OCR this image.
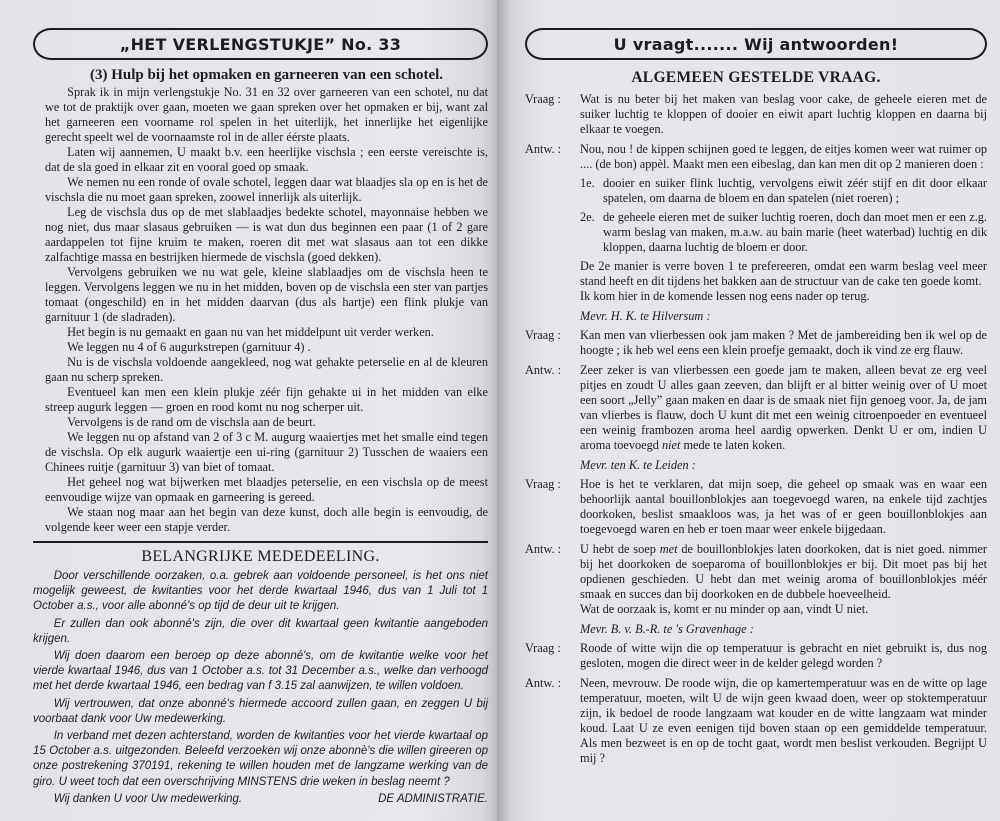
„HET VERLENGSTUKJE” No. 33
(3) Hulp bij het opmaken en garneeren van een schotel.

Sprak ik in mijn verlengstukje No. 31 en 32 over garneeren van een schotel, nu dat we tot de praktijk over gaan, moeten we gaan spreken over het opmaken er bij, want zal het garneeren een voorname rol spelen in het uiterlijk, het innerlijke het eigenlijke gerecht speelt wel de voornaamste rol in de aller éérste plaats.

Laten wij aannemen, U maakt b.v. een heerlijke vischsla ; een eerste vereischte is, dat de sla goed in elkaar zit en vooral goed op smaak.

We nemen nu een ronde of ovale schotel, leggen daar wat blaadjes sla op en is het de vischsla die nu moet gaan spreken, zoowel innerlijk als uiterlijk.

Leg de vischsla dus op de met slablaadjes bedekte schotel, mayonnaise hebben we nog niet, dus maar slasaus gebruiken — is wat dun dus beginnen een paar (1 of 2 gare aardappelen tot fijne kruim te maken, roeren dit met wat slasaus aan tot een dikke zalfachtige massa en bestrijken hiermede de vischsla (goed dekken).

Vervolgens gebruiken we nu wat gele, kleine slablaadjes om de vischsla heen te leggen. Vervolgens leggen we nu in het midden, boven op de vischsla een ster van partjes tomaat (ongeschild) en in het midden daarvan (dus als hartje) een flink plukje van garnituur 1 (de sladraden).

Het begin is nu gemaakt en gaan nu van het middelpunt uit verder werken.

We leggen nu 4 of 6 augurkstrepen (garnituur 4) .

Nu is de vischsla voldoende aangekleed, nog wat gehakte peterselie en al de kleuren gaan nu scherp spreken.

Eventueel kan men een klein plukje zéér fijn gehakte ui in het midden van elke streep augurk leggen — groen en rood komt nu nog scherper uit.

Vervolgens is de rand om de vischsla aan de beurt.

We leggen nu op afstand van 2 of 3 c M. augurg waaiertjes met het smalle eind tegen de vischsla. Op elk augurk waaiertje een ui-ring (garnituur 2) Tusschen de waaiers een Chinees ruitje (garnituur 3) van biet of tomaat.

Het geheel nog wat bijwerken met blaadjes peterselie, en een vischsla op de meest eenvoudige wijze van opmaak en garneering is gereed.

We staan nog maar aan het begin van deze kunst, doch alle begin is eenvoudig, de volgende keer weer een stapje verder.

BELANGRIJKE MEDEDEELING.

Door verschillende oorzaken, o.a. gebrek aan voldoende personeel, is het ons niet mogelijk geweest, de kwitanties voor het derde kwartaal 1946, dus van 1 Juli tot 1 October a.s., voor alle abonné's op tijd de deur uit te krijgen.

Er zullen dan ook abonné's zijn, die over dit kwartaal geen kwitantie aangeboden krijgen.

Wij doen daarom een beroep op deze abonné's, om de kwitantie welke voor het vierde kwartaal 1946, dus van 1 October a.s. tot 31 December a.s., welke dan verhoogd met het derde kwartaal 1946, een bedrag van f 3.15 zal aanwijzen, te willen voldoen.

Wij vertrouwen, dat onze abonné's hiermede accoord zullen gaan, en zeggen U bij voorbaat dank voor Uw medewerking.

In verband met dezen achterstand, worden de kwitanties voor het vierde kwartaal op 15 October a.s. uitgezonden. Beleefd verzoeken wij onze abonnè's die willen gireeren op onze postrekening 370191, rekening te willen houden met de langzame werking van de giro. U weet toch dat een overschrijving MINSTENS drie weken in beslag neemt ?

Wij danken U voor Uw medewerking.	DE ADMINISTRATIE.
U vraagt....... Wij antwoorden!
ALGEMEEN GESTELDE VRAAG.
Vraag :	Wat is nu beter bij het maken van beslag voor cake, de geheele eieren met de suiker luchtig te kloppen of dooier en eiwit apart luchtig kloppen en daarna bij elkaar te voegen.
Antw. :	Nou, nou ! de kippen schijnen goed te leggen, de eitjes komen weer wat ruimer op .... (de bon) appèl. Maakt men een eibeslag, dan kan men dit op 2 manieren doen :

1e. dooier en suiker flink luchtig, vervolgens eiwit zéér stijf en dit door elkaar spatelen, om daarna de bloem en dan spatelen (niet roeren) ;
2e. de geheele eieren met de suiker luchtig roeren, doch dan moet men er een z.g. warm beslag van maken, m.a.w. au bain marie (heet waterbad) luchtig en dik kloppen, daarna luchtig de bloem er door.

De 2e manier is verre boven 1 te prefereeren, omdat een warm beslag veel meer stand heeft en dit tijdens het bakken aan de structuur van de cake ten goede komt.

Ik kom hier in de komende lessen nog eens nader op terug.

Mevr. H. K. te Hilversum :
Vraag :	Kan men van vlierbessen ook jam maken ? Met de jambereiding ben ik wel op de hoogte ; ik heb wel eens een klein proefje gemaakt, doch ik vind ze erg flauw.
Antw. :	Zeer zeker is van vlierbessen een goede jam te maken, alleen bevat ze erg veel pitjes en zoudt U alles gaan zeeven, dan blijft er al bitter weinig over of U moet een soort „Jelly” gaan maken en daar is de smaak niet fijn genoeg voor. Ja, de jam van vlierbes is flauw, doch U kunt dit met een weinig citroenpoeder en eventueel een weinig frambozen aroma heel aardig opwerken. Denkt U er om, indien U aroma toevoegd niet mede te laten koken.
Mevr. ten K. te Leiden :
Vraag :	Hoe is het te verklaren, dat mijn soep, die geheel op smaak was en waar een behoorlijk aantal bouillonblokjes aan toegevoegd waren, na enkele tijd zachtjes doorkoken, beslist smaakloos was, ja het was of er geen bouillonblokjes aan toegevoegd waren en heb er toen maar weer enkele bijgedaan.
Antw. :	U hebt de soep met de bouillonblokjes laten doorkoken, dat is niet goed. nimmer bij het doorkoken de soeparoma of bouillonblokjes er bij. Dit moet pas bij het opdienen geschieden. U hebt dan met weinig aroma of bouillonblokjes méér smaak en succes dan bij doorkoken en de dubbele hoeveelheid.

Wat de oorzaak is, komt er nu minder op aan, vindt U niet.

Mevr. B. v. B.-R. te 's Gravenhage :
Vraag :	Roode of witte wijn die op temperatuur is gebracht en niet gebruikt is, dus nog gesloten, mogen die direct weer in de kelder gelegd worden ?
Antw. :	Neen, mevrouw. De roode wijn, die op kamertemperatuur was en de witte op lage temperatuur, moeten, wilt U de wijn geen kwaad doen, weer op stoktemperatuur zijn, ik bedoel de roode langzaam wat kouder en de witte langzaam wat minder koud. Laat U ze even eenigen tijd boven staan op een gemiddelde temperatuur. Als men bezweet is en op de tocht gaat, wordt men beslist verkouden. Begrijpt U mij ?
